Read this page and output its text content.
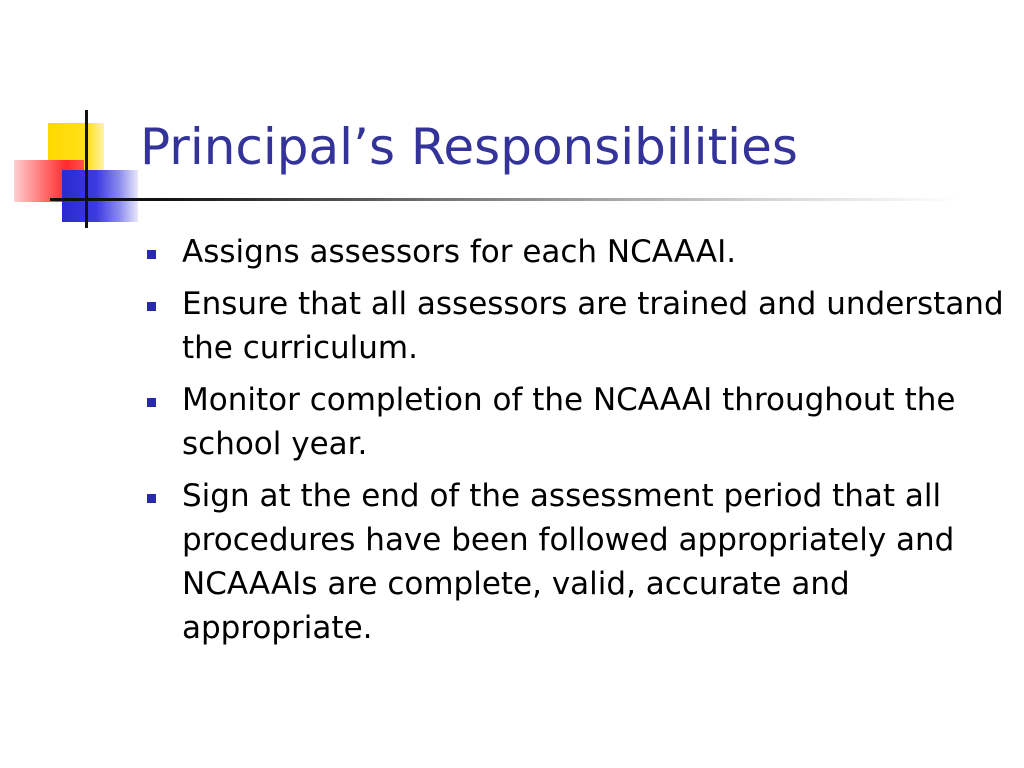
Principal’s Responsibilities
Assigns assessors for each NCAAAI.
Ensure that all assessors are trained and understand the curriculum.
Monitor completion of the NCAAAI throughout the school year.
Sign at the end of the assessment period that all procedures have been followed appropriately and NCAAAIs are complete, valid, accurate and appropriate.
